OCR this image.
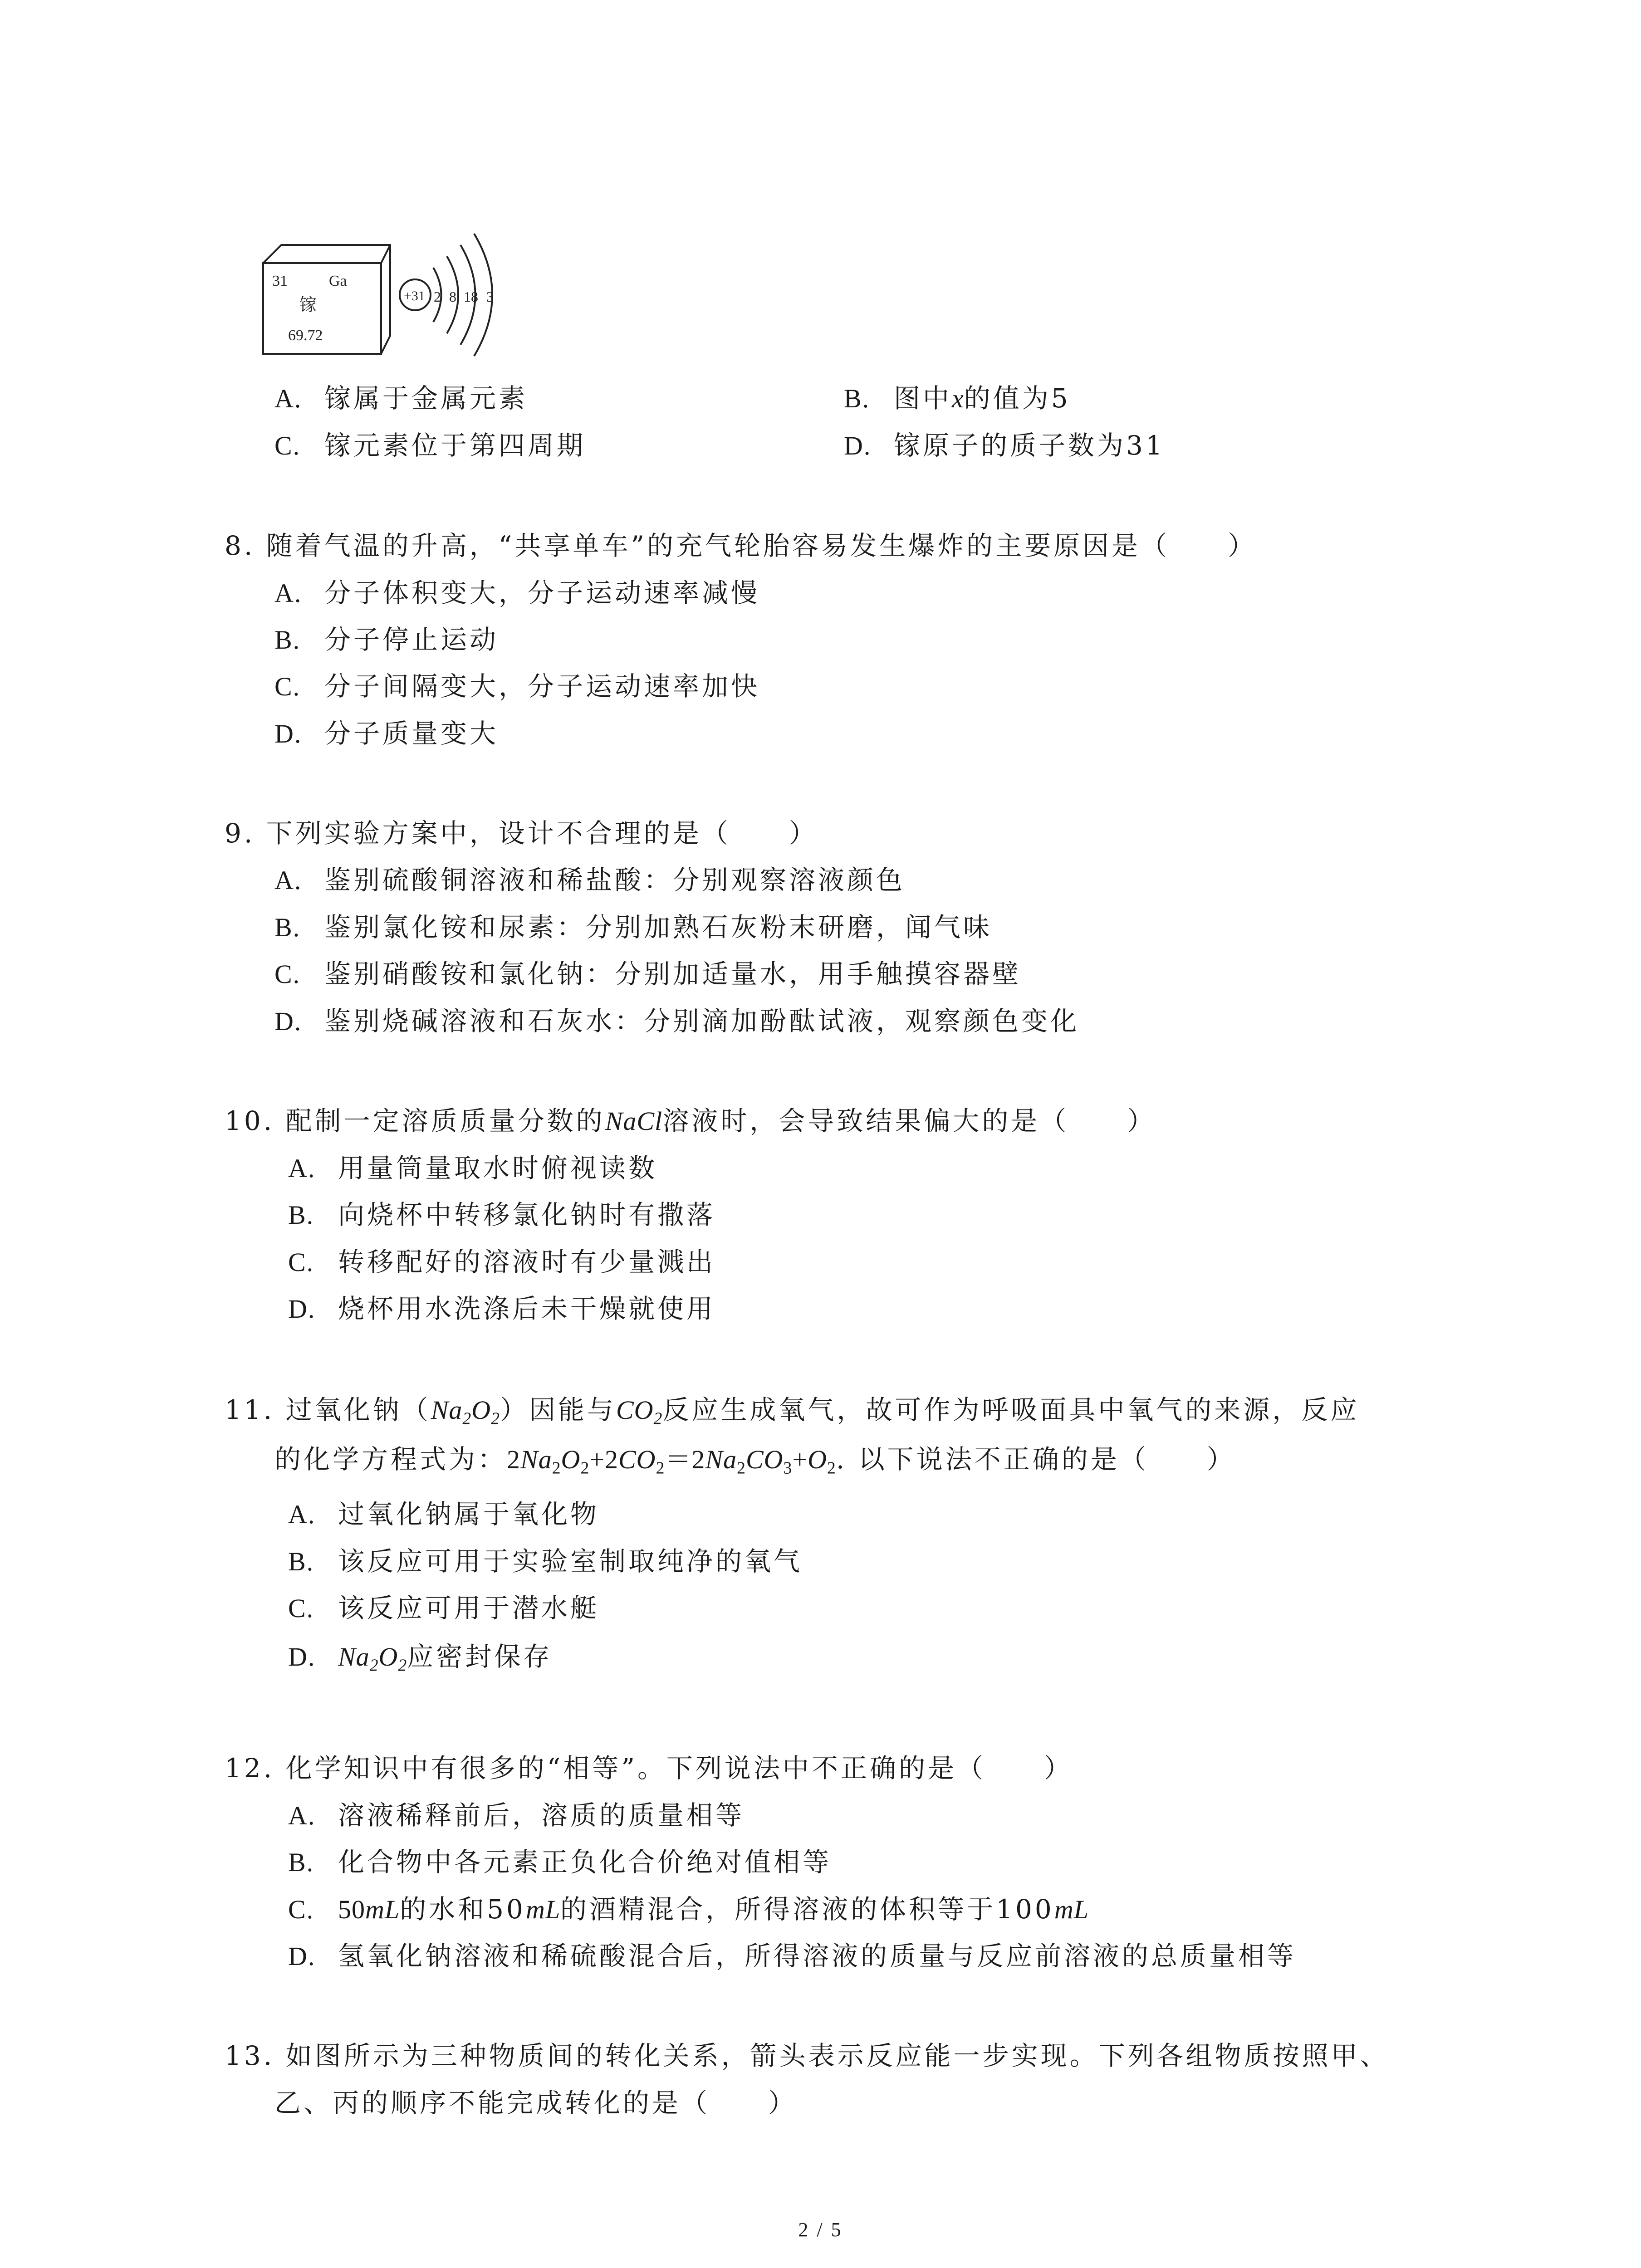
31	Ga
镓
69.72
+31 2 8 18 3
A. 镓属于金属元素	B. 图中x的值为5
C. 镓元素位于第四周期	D. 镓原子的质子数为31
8. 随着气温的升高，“共享单车”的充气轮胎容易发生爆炸的主要原因是（　　）
A. 分子体积变大，分子运动速率减慢
B. 分子停止运动
C. 分子间隔变大，分子运动速率加快
D. 分子质量变大
9. 下列实验方案中，设计不合理的是（　　）
A. 鉴别硫酸铜溶液和稀盐酸：分别观察溶液颜色
B. 鉴别氯化铵和尿素：分别加熟石灰粉末研磨，闻气味
C. 鉴别硝酸铵和氯化钠：分别加适量水，用手触摸容器壁
D. 鉴别烧碱溶液和石灰水：分别滴加酚酞试液，观察颜色变化
10. 配制一定溶质质量分数的NaCl溶液时，会导致结果偏大的是（　　）
A. 用量筒量取水时俯视读数
B. 向烧杯中转移氯化钠时有撒落
C. 转移配好的溶液时有少量溅出
D. 烧杯用水洗涤后未干燥就使用
11. 过氧化钠$(Na_2O_2)$因能与$CO_2$反应生成氧气，故可作为呼吸面具中氧气的来源，反应
的化学方程式为：$2Na_2O_2+2CO_2=2Na_2CO_3+O_2$. 以下说法不正确的是（　　）
A. 过氧化钠属于氧化物
B. 该反应可用于实验室制取纯净的氧气
C. 该反应可用于潜水艇
D. $Na_2O_2$应密封保存
12. 化学知识中有很多的“相等”。下列说法中不正确的是（　　）
A. 溶液稀释前后，溶质的质量相等
B. 化合物中各元素正负化合价绝对值相等
C. 50mL的水和50mL的酒精混合，所得溶液的体积等于100mL
D. 氢氧化钠溶液和稀硫酸混合后，所得溶液的质量与反应前溶液的总质量相等
13. 如图所示为三种物质间的转化关系，箭头表示反应能一步实现。下列各组物质按照甲、
乙、丙的顺序不能完成转化的是（　　）
2 / 5
